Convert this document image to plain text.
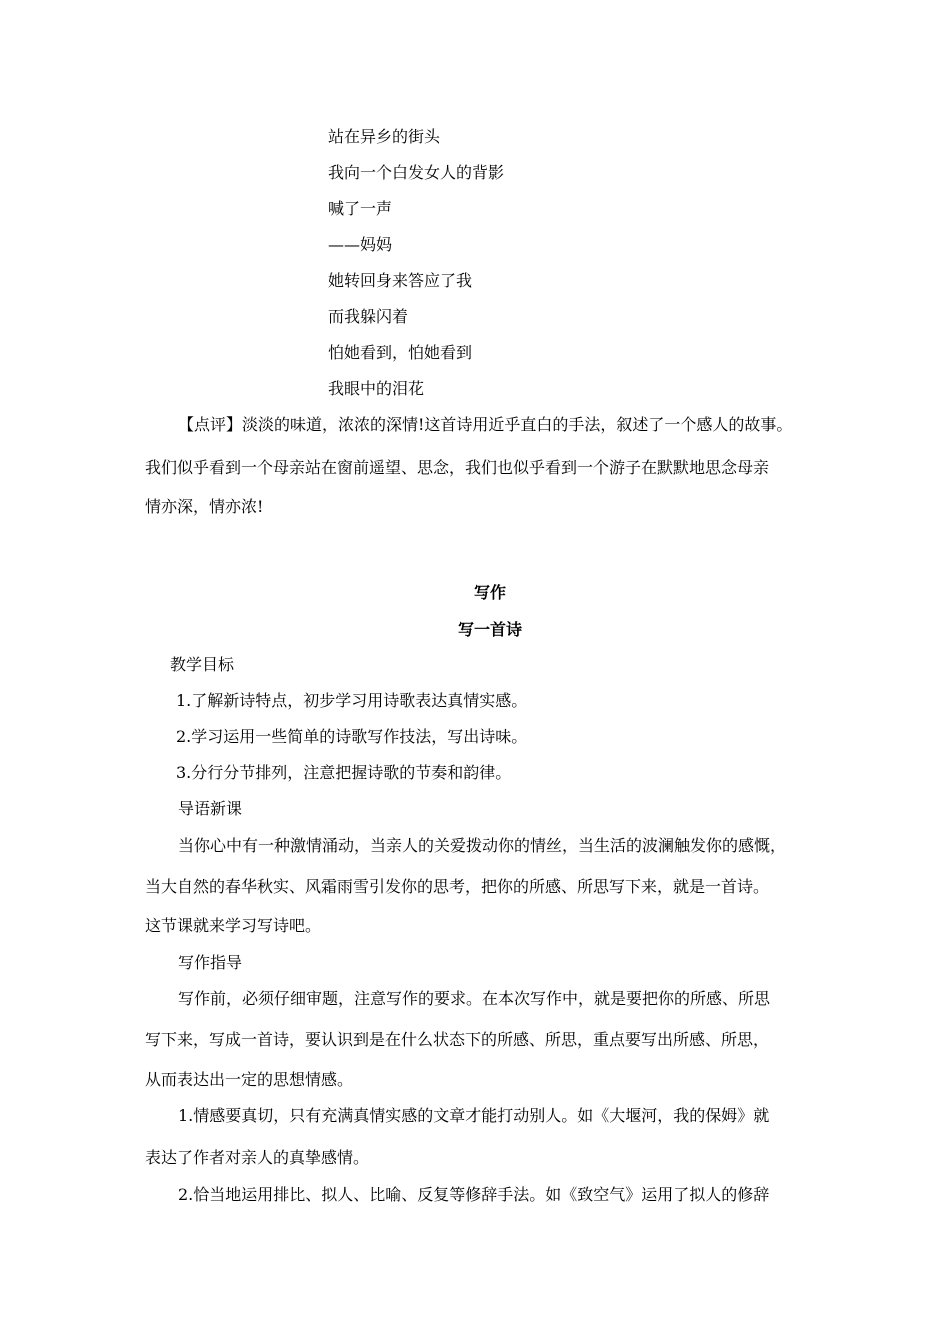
站在异乡的街头
我向一个白发女人的背影
喊了一声
——妈妈
她转回身来答应了我
而我躲闪着
怕她看到，怕她看到
我眼中的泪花
【点评】淡淡的味道，浓浓的深情!这首诗用近乎直白的手法，叙述了一个感人的故事。
我们似乎看到一个母亲站在窗前遥望、思念，我们也似乎看到一个游子在默默地思念母亲
情亦深，情亦浓!
写作
写一首诗
教学目标
1.了解新诗特点，初步学习用诗歌表达真情实感。
2.学习运用一些简单的诗歌写作技法，写出诗味。
3.分行分节排列，注意把握诗歌的节奏和韵律。
导语新课
当你心中有一种激情涌动，当亲人的关爱拨动你的情丝，当生活的波澜触发你的感慨，
当大自然的春华秋实、风霜雨雪引发你的思考，把你的所感、所思写下来，就是一首诗。
这节课就来学习写诗吧。
写作指导
写作前，必须仔细审题，注意写作的要求。在本次写作中，就是要把你的所感、所思
写下来，写成一首诗，要认识到是在什么状态下的所感、所思，重点要写出所感、所思，
从而表达出一定的思想情感。
1.情感要真切，只有充满真情实感的文章才能打动别人。如《大堰河，我的保姆》就
表达了作者对亲人的真挚感情。
2.恰当地运用排比、拟人、比喻、反复等修辞手法。如《致空气》运用了拟人的修辞
